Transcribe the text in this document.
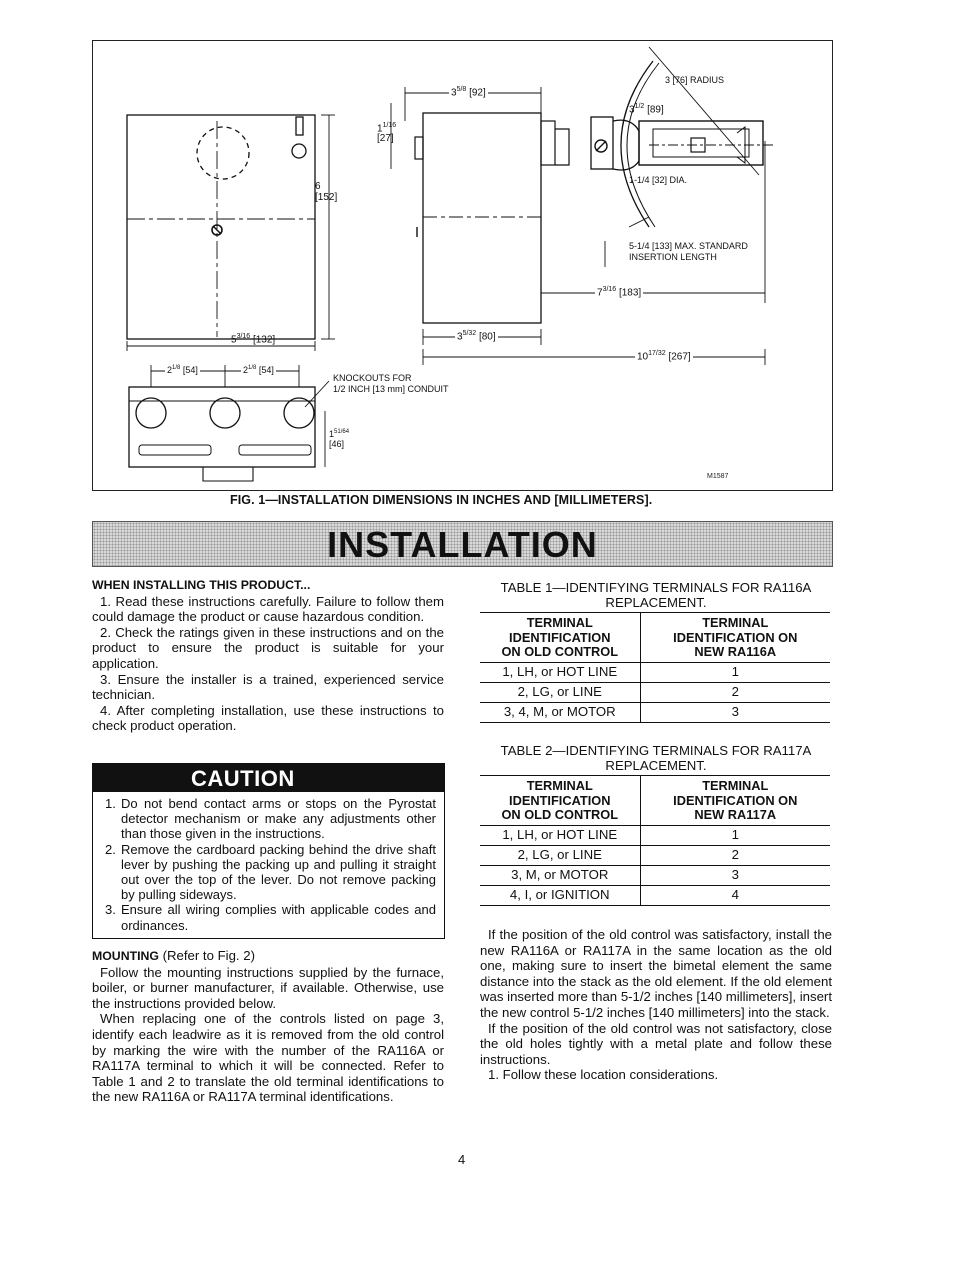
6
[152]
$5^{3/16}$ [132]
$1^{1/16}$
[27]
$3^{5/8}$ [92]
$3^{5/32}$ [80]
3 [76] RADIUS
$3^{1/2}$ [89]
1-1/4 [32] DIA.
5-1/4 [133] MAX. STANDARD
INSERTION LENGTH
$7^{3/16}$ [183]
$10^{17/32}$ [267]
$2^{1/8}$ [54]	$2^{1/8}$ [54]
$1^{51/64}$
[46]
KNOCKOUTS FOR
1/2 INCH [13 mm] CONDUIT
M1587
FIG. 1—INSTALLATION DIMENSIONS IN INCHES AND [MILLIMETERS].
INSTALLATION
WHEN INSTALLING THIS PRODUCT...

1. Read these instructions carefully. Failure to follow them could damage the product or cause hazardous condition.

2. Check the ratings given in these instructions and on the product to ensure the product is suitable for your application.

3. Ensure the installer is a trained, experienced service technician.

4. After completing installation, use these instructions to check product operation.

CAUTION
1. Do not bend contact arms or stops on the Pyrostat detector mechanism or make any adjustments other than those given in the instructions.
2. Remove the cardboard packing behind the drive shaft lever by pushing the packing up and pulling it straight out over the top of the lever. Do not remove packing by pulling sideways.
3. Ensure all wiring complies with applicable codes and ordinances.
MOUNTING (Refer to Fig. 2)

Follow the mounting instructions supplied by the furnace, boiler, or burner manufacturer, if available. Otherwise, use the instructions provided below.

When replacing one of the controls listed on page 3, identify each leadwire as it is removed from the old control by marking the wire with the number of the RA116A or RA117A terminal to which it will be connected. Refer to Table 1 and 2 to translate the old terminal identifications to the new RA116A or RA117A terminal identifications.

TABLE 1—IDENTIFYING TERMINALS FOR RA116A
REPLACEMENT.
TERMINAL
IDENTIFICATION
ON OLD CONTROL	TERMINAL
IDENTIFICATION ON
NEW RA116A
1, LH, or HOT LINE	1
2, LG, or LINE	2
3, 4, M, or MOTOR	3
TABLE 2—IDENTIFYING TERMINALS FOR RA117A
REPLACEMENT.
TERMINAL
IDENTIFICATION
ON OLD CONTROL	TERMINAL
IDENTIFICATION ON
NEW RA117A
1, LH, or HOT LINE	1
2, LG, or LINE	2
3, M, or MOTOR	3
4, I, or IGNITION	4

If the position of the old control was satisfactory, install the new RA116A or RA117A in the same location as the old one, making sure to insert the bimetal element the same distance into the stack as the old element. If the old element was inserted more than 5-1/2 inches [140 millimeters], insert the new control 5-1/2 inches [140 millimeters] into the stack.

If the position of the old control was not satisfactory, close the old holes tightly with a metal plate and follow these instructions.

1. Follow these location considerations.

4
